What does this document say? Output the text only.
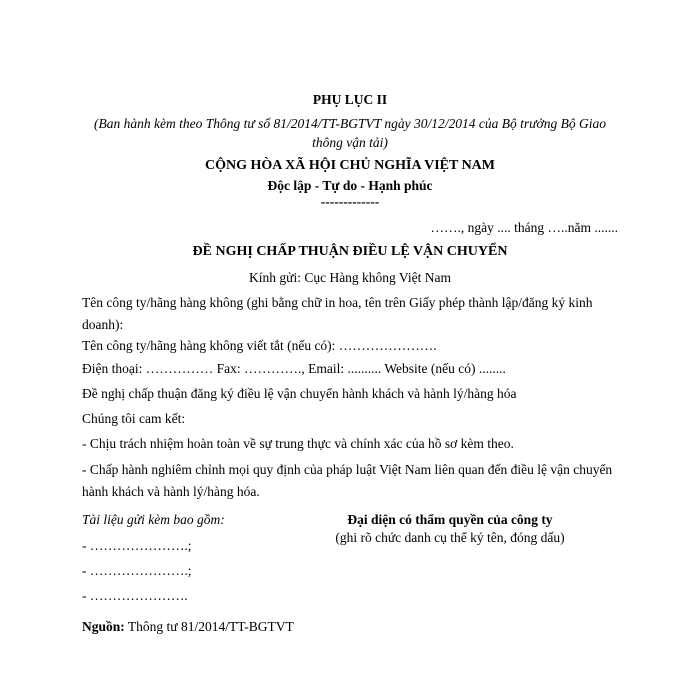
PHỤ LỤC II
(Ban hành kèm theo Thông tư số 81/2014/TT-BGTVT ngày 30/12/2014 của Bộ trưởng Bộ Giao
thông vận tải)
CỘNG HÒA XÃ HỘI CHỦ NGHĨA VIỆT NAM
Độc lập - Tự do - Hạnh phúc
-------------
……., ngày .... tháng …..năm .......
ĐỀ NGHỊ CHẤP THUẬN ĐIỀU LỆ VẬN CHUYỂN
Kính gửi: Cục Hàng không Việt Nam
Tên công ty/hãng hàng không (ghi bằng chữ in hoa, tên trên Giấy phép thành lập/đăng ký kinh doanh):
Tên công ty/hãng hàng không viết tắt (nếu có): ………………….
Điện thoại: …………… Fax: …………., Email: .......... Website (nếu có) ........
Đề nghị chấp thuận đăng ký điều lệ vận chuyển hành khách và hành lý/hàng hóa
Chúng tôi cam kết:
- Chịu trách nhiệm hoàn toàn về sự trung thực và chính xác của hồ sơ kèm theo.
- Chấp hành nghiêm chỉnh mọi quy định của pháp luật Việt Nam liên quan đến điều lệ vận chuyển hành khách và hành lý/hàng hóa.
Tài liệu gửi kèm bao gồm:	Đại diện có thẩm quyền của công ty
(ghi rõ chức danh cụ thể ký tên, đóng dấu)
- ………………….;
- ………………….;
- ………………….
Nguồn: Thông tư 81/2014/TT-BGTVT
